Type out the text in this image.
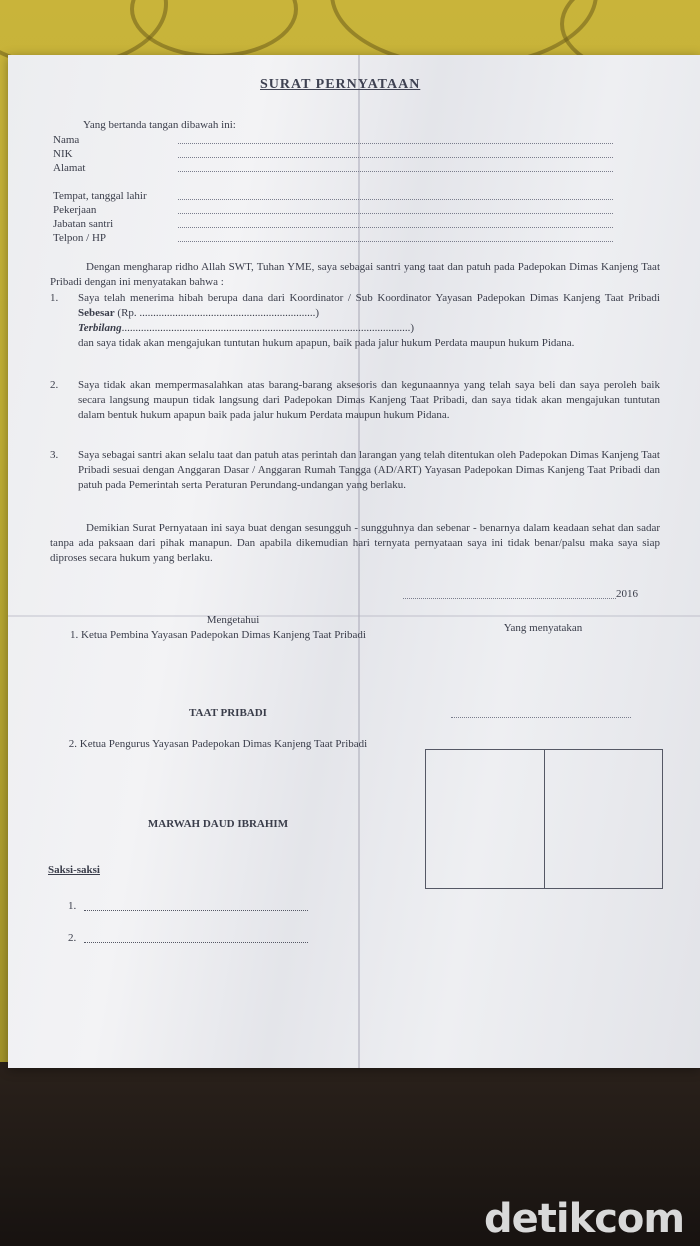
SURAT PERNYATAAN
Yang bertanda tangan dibawah ini:
Nama
NIK
Alamat
Tempat, tanggal lahir
Pekerjaan
Jabatan santri
Telpon / HP
Dengan mengharap ridho Allah SWT, Tuhan YME, saya sebagai santri yang taat dan patuh pada Padepokan Dimas Kanjeng Taat Pribadi dengan ini menyatakan bahwa :
1. Saya telah menerima hibah berupa dana dari Koordinator / Sub Koordinator Yayasan Padepokan Dimas Kanjeng Taat Pribadi Sebesar (Rp. ................................................................)
Terbilang.........................................................................................................)
dan saya tidak akan mengajukan tuntutan hukum apapun, baik pada jalur hukum Perdata maupun hukum Pidana.
2. Saya tidak akan mempermasalahkan atas barang-barang aksesoris dan kegunaannya yang telah saya beli dan saya peroleh baik secara langsung maupun tidak langsung dari Padepokan Dimas Kanjeng Taat Pribadi, dan saya tidak akan mengajukan tuntutan dalam bentuk hukum apapun baik pada jalur hukum Perdata maupun hukum Pidana.
3. Saya sebagai santri akan selalu taat dan patuh atas perintah dan larangan yang telah ditentukan oleh Padepokan Dimas Kanjeng Taat Pribadi sesuai dengan Anggaran Dasar / Anggaran Rumah Tangga (AD/ART) Yayasan Padepokan Dimas Kanjeng Taat Pribadi dan patuh pada Pemerintah serta Peraturan Perundang-undangan yang berlaku.
Demikian Surat Pernyataan ini saya buat dengan sesungguh - sungguhnya dan sebenar - benarnya dalam keadaan sehat dan sadar tanpa ada paksaan dari pihak manapun. Dan apabila dikemudian hari ternyata pernyataan saya ini tidak benar/palsu maka saya siap diproses secara hukum yang berlaku.
2016
Mengetahui
1. Ketua Pembina Yayasan Padepokan Dimas Kanjeng Taat Pribadi
TAAT PRIBADI
2. Ketua Pengurus Yayasan Padepokan Dimas Kanjeng Taat Pribadi
MARWAH DAUD IBRAHIM
Yang menyatakan
Saksi-saksi
1.
2.
detikcom
